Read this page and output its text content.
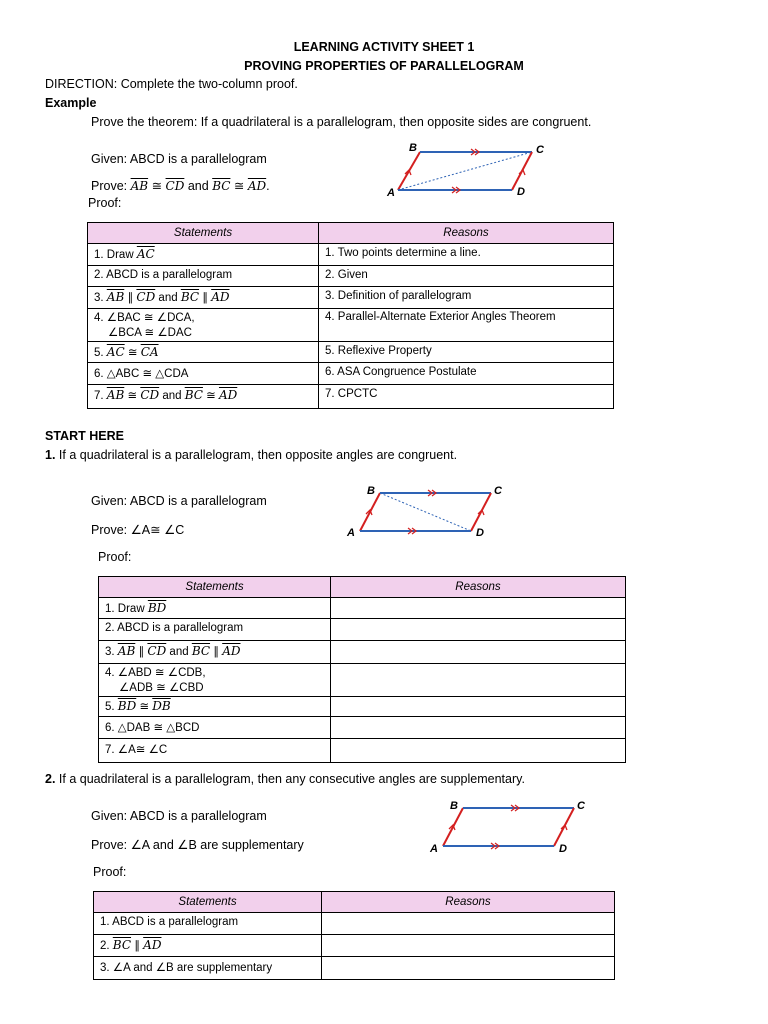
LEARNING ACTIVITY SHEET 1
PROVING PROPERTIES OF PARALLELOGRAM
DIRECTION: Complete the two-column proof.
Example
Prove the theorem: If a quadrilateral is a parallelogram, then opposite sides are congruent.
Given: ABCD is a parallelogram
Prove: $\overline{AB}$ ≅ $\overline{CD}$ and $\overline{BC}$ ≅ $\overline{AD}$.
Proof:
A
B	C
D
Statements	Reasons
1. Draw $\overline{AC}$	1. Two points determine a line.
2. ABCD is a parallelogram	2. Given
3. $\overline{AB}$ ∥ $\overline{CD}$ and $\overline{BC}$ ∥ $\overline{AD}$	3. Definition of parallelogram

4. ∠BAC ≅ ∠DCA,
∠BCA ≅ ∠DAC	4. Parallel-Alternate Exterior Angles Theorem
5. $\overline{AC}$ ≅ $\overline{CA}$	5. Reflexive Property
6. △ABC ≅ △CDA	6. ASA Congruence Postulate
7. $\overline{AB}$ ≅ $\overline{CD}$ and $\overline{BC}$ ≅ $\overline{AD}$	7. CPCTC
START HERE
1. If a quadrilateral is a parallelogram, then opposite angles are congruent.
Given: ABCD is a parallelogram
Prove: ∠A≅ ∠C
Proof:
A
B	C
D
Statements	Reasons
1. Draw $\overline{BD}$	
2. ABCD is a parallelogram	
3. $\overline{AB}$ ∥ $\overline{CD}$ and $\overline{BC}$ ∥ $\overline{AD}$	

4. ∠ABD ≅ ∠CDB,
∠ADB ≅ ∠CBD	

5. $\overline{BD}$ ≅ $\overline{DB}$	
6. △DAB ≅ △BCD	
7. ∠A≅ ∠C	
2. If a quadrilateral is a parallelogram, then any consecutive angles are supplementary.
Given: ABCD is a parallelogram
Prove: ∠A and ∠B are supplementary
Proof:
A
B	C
D
Statements	Reasons
1. ABCD is a parallelogram	
2. $\overline{BC}$ ∥ $\overline{AD}$	
3. ∠A and ∠B are supplementary	
